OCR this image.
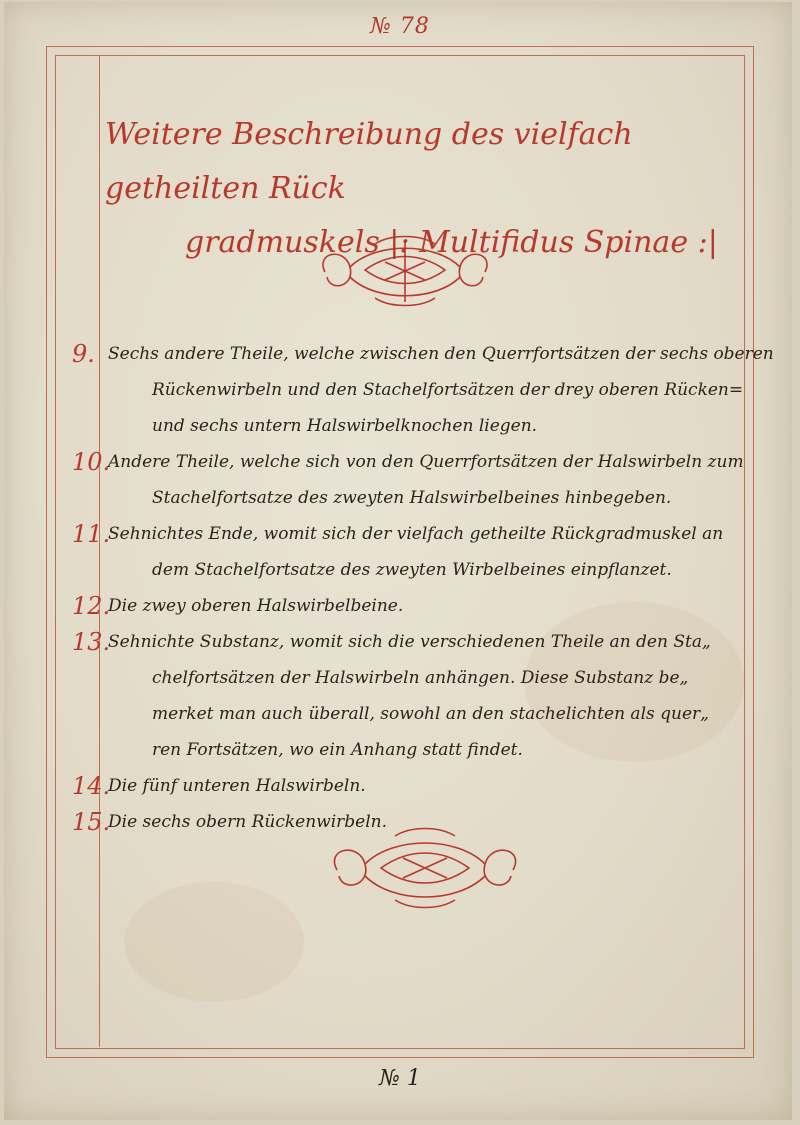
№ 78
Weitere Beschreibung des vielfach getheilten Rück
gradmuskels |: Multifidus Spinae :|
9. Sechs andere Theile, welche zwischen den Querrfortsätzen der sechs oberen
Rückenwirbeln und den Stachelfortsätzen der drey oberen Rücken=
und sechs untern Halswirbelknochen liegen.
10.
Andere Theile, welche sich von den Querrfortsätzen der Halswirbeln zum
Stachelfortsatze des zweyten Halswirbelbeines hinbegeben.
11.
Sehnichtes Ende, womit sich der vielfach getheilte Rückgradmuskel an
dem Stachelfortsatze des zweyten Wirbelbeines einpflanzet.
12.
Die zwey oberen Halswirbelbeine.
13.
Sehnichte Substanz, womit sich die verschiedenen Theile an den Sta„
chelfortsätzen der Halswirbeln anhängen. Diese Substanz be„
merket man auch überall, sowohl an den stachelichten als quer„
ren Fortsätzen, wo ein Anhang statt findet.
14.
Die fünf unteren Halswirbeln.
15.
Die sechs obern Rückenwirbeln.
№ 1
